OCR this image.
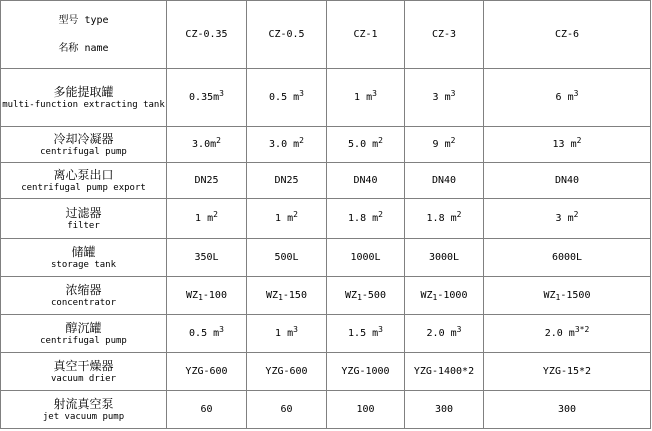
型号 type
名称 name	CZ-0.35	CZ-0.5	CZ-1	CZ-3	CZ-6

多能提取罐
multi-function extracting tank	$0.35m^3$	0.5 $m^3$	1 $m^3$	3 $m^3$	6 $m^3$

冷却冷凝器
centrifugal pump	$3.0m^2$	3.0 $m^2$	5.0 $m^2$	9 $m^2$	13 $m^2$

离心泵出口
centrifugal pump export	DN25	DN25	DN40	DN40	DN40

过滤器
filter	1 $m^2$	1 $m^2$	1.8 $m^2$	1.8 $m^2$	3 $m^2$

储罐
storage tank	350L	500L	1000L	3000L	6000L

浓缩器
concentrator	$WZ_1-100$	$WZ_1-150$	$WZ_1-500$	$WZ_1-1000$	$WZ_1-1500$

醇沉罐
centrifugal pump	0.5 $m^3$	1 $m^3$	1.5 $m^3$	2.0 $m^3$	2.0 $m^{3*2}$

真空干燥器
vacuum drier	YZG-600	YZG-600	YZG-1000	YZG-1400*2	YZG-15*2

射流真空泵
jet vacuum pump	60	60	100	300	300
